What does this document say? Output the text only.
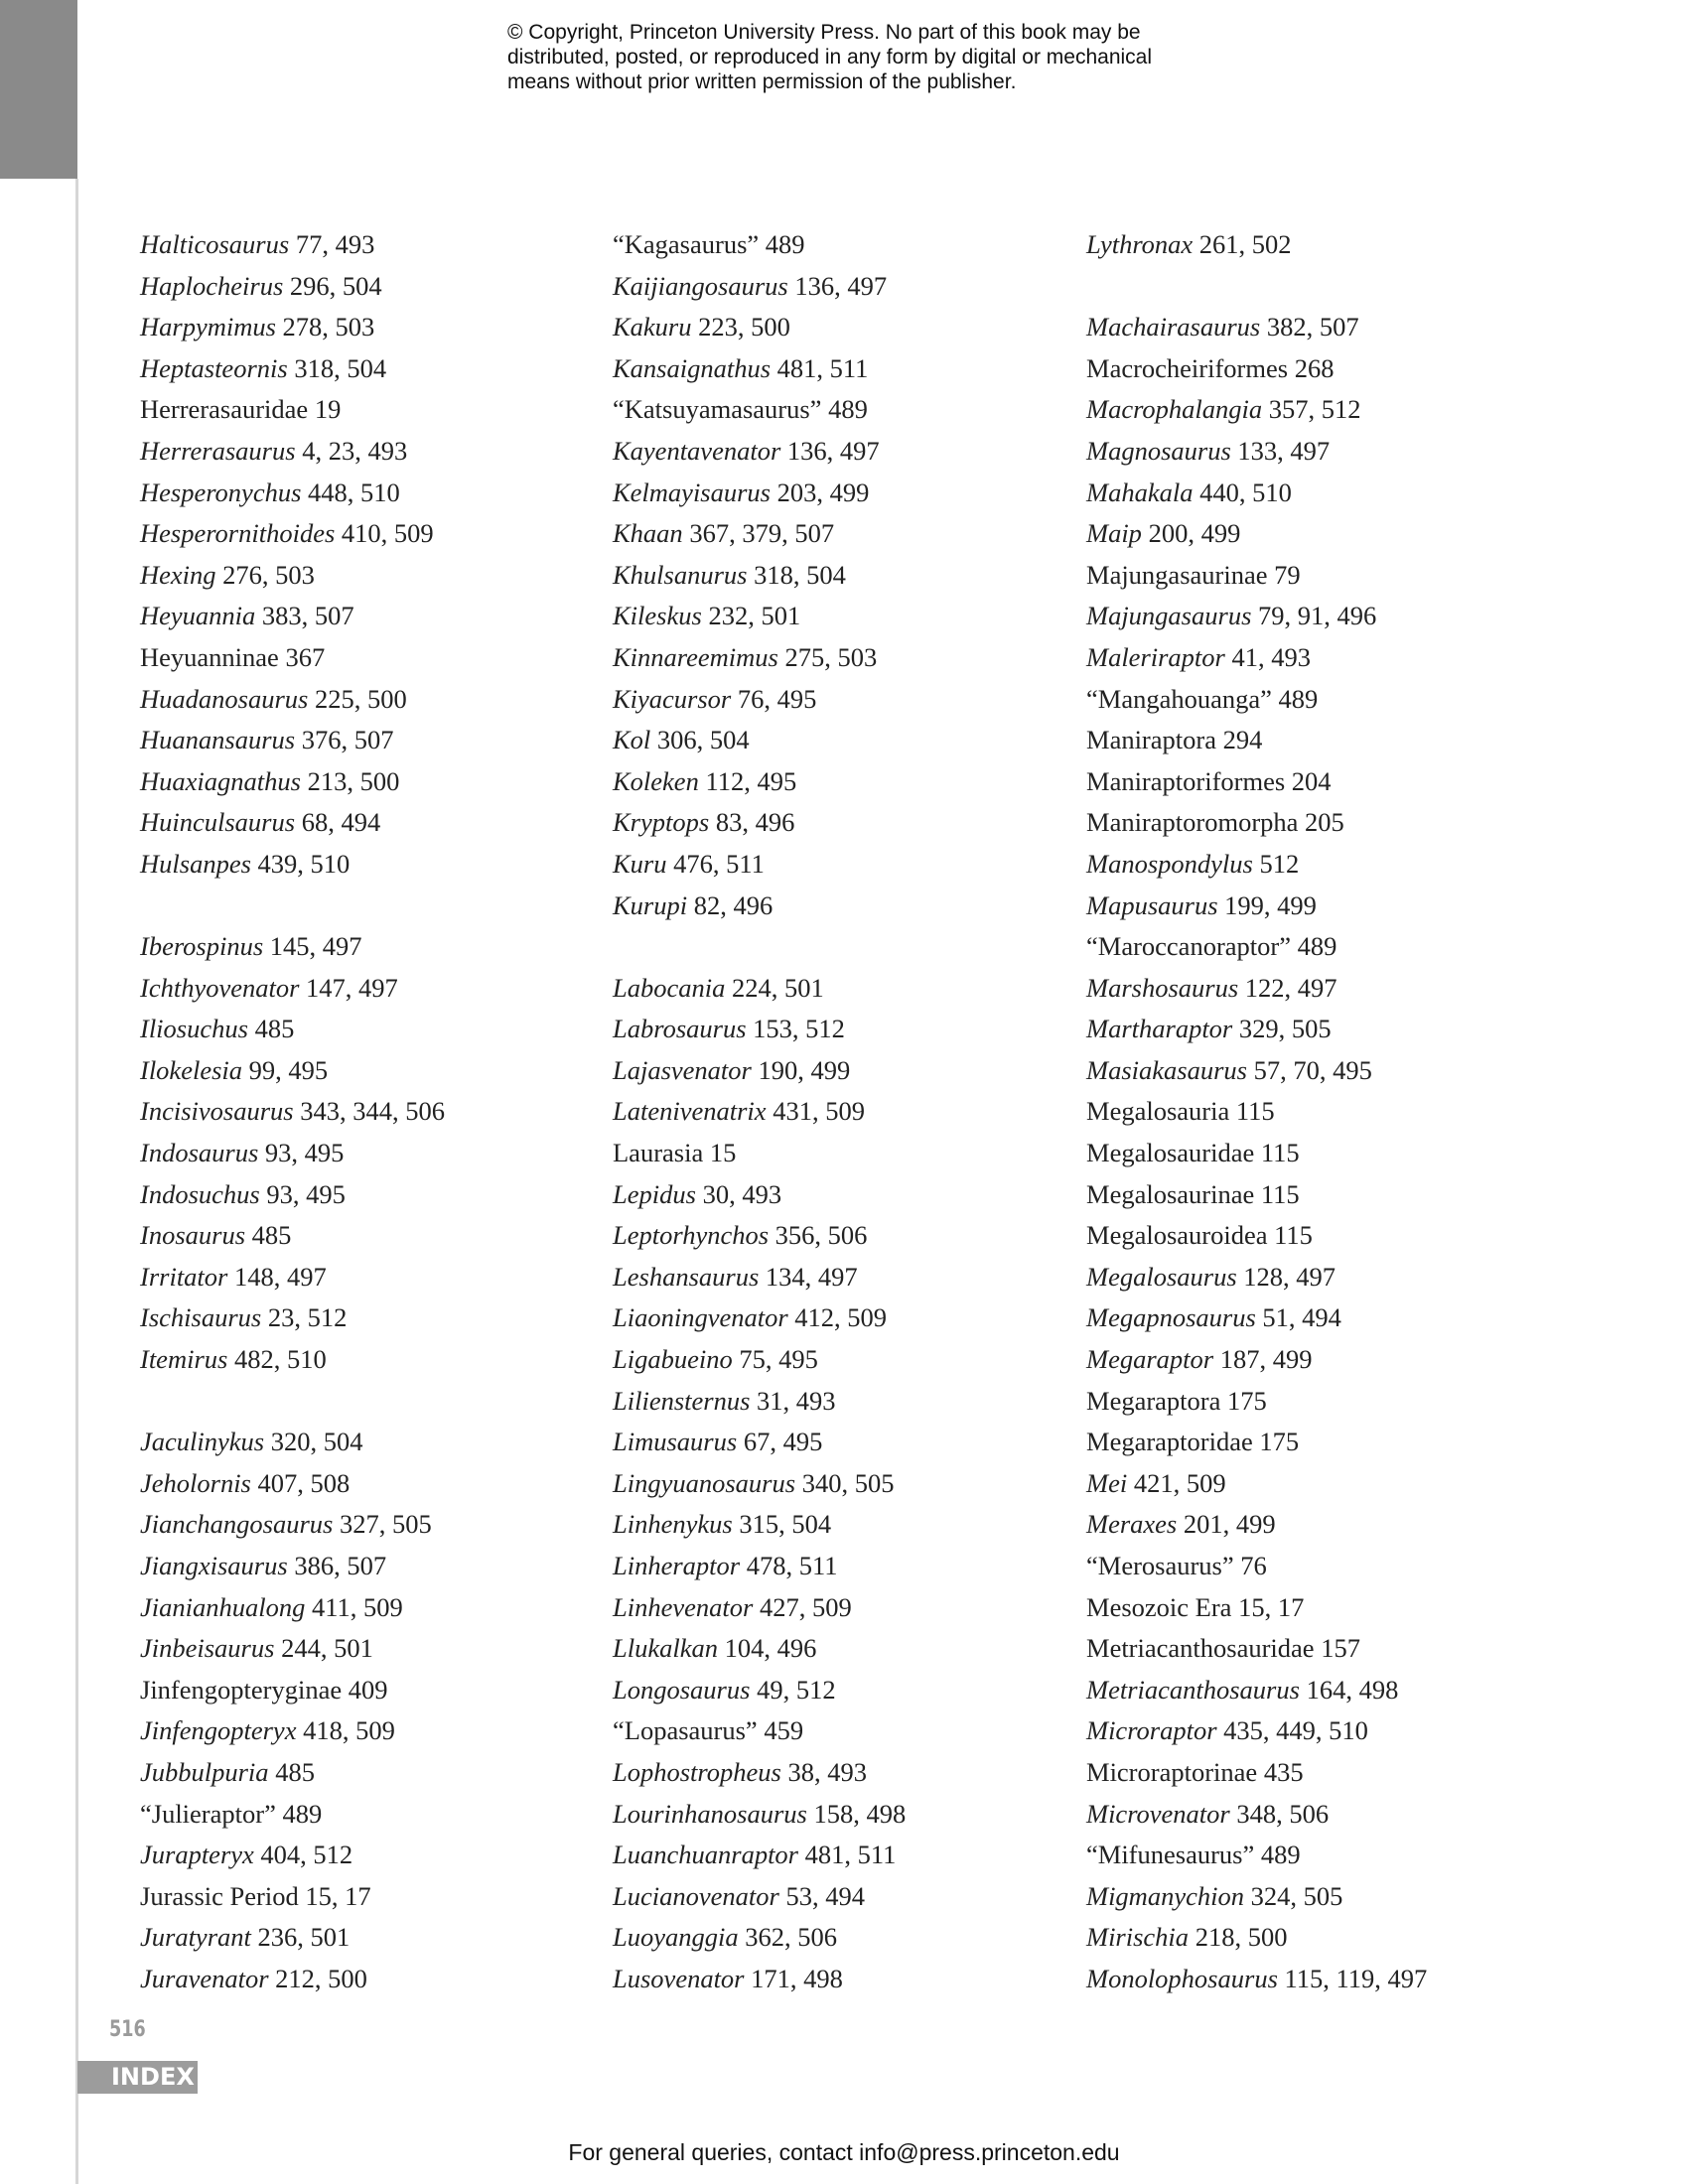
© Copyright, Princeton University Press. No part of this book may be
distributed, posted, or reproduced in any form by digital or mechanical
means without prior written permission of the publisher.
Halticosaurus 77, 493
Haplocheirus 296, 504
Harpymimus 278, 503
Heptasteornis 318, 504
Herrerasauridae 19
Herrerasaurus 4, 23, 493
Hesperonychus 448, 510
Hesperornithoides 410, 509
Hexing 276, 503
Heyuannia 383, 507
Heyuanninae 367
Huadanosaurus 225, 500
Huanansaurus 376, 507
Huaxiagnathus 213, 500
Huinculsaurus 68, 494
Hulsanpes 439, 510
Iberospinus 145, 497
Ichthyovenator 147, 497
Iliosuchus 485
Ilokelesia 99, 495
Incisivosaurus 343, 344, 506
Indosaurus 93, 495
Indosuchus 93, 495
Inosaurus 485
Irritator 148, 497
Ischisaurus 23, 512
Itemirus 482, 510
Jaculinykus 320, 504
Jeholornis 407, 508
Jianchangosaurus 327, 505
Jiangxisaurus 386, 507
Jianianhualong 411, 509
Jinbeisaurus 244, 501
Jinfengopteryginae 409
Jinfengopteryx 418, 509
Jubbulpuria 485
“Julieraptor” 489
Jurapteryx 404, 512
Jurassic Period 15, 17
Juratyrant 236, 501
Juravenator 212, 500
“Kagasaurus” 489
Kaijiangosaurus 136, 497
Kakuru 223, 500
Kansaignathus 481, 511
“Katsuyamasaurus” 489
Kayentavenator 136, 497
Kelmayisaurus 203, 499
Khaan 367, 379, 507
Khulsanurus 318, 504
Kileskus 232, 501
Kinnareemimus 275, 503
Kiyacursor 76, 495
Kol 306, 504
Koleken 112, 495
Kryptops 83, 496
Kuru 476, 511
Kurupi 82, 496
Labocania 224, 501
Labrosaurus 153, 512
Lajasvenator 190, 499
Latenivenatrix 431, 509
Laurasia 15
Lepidus 30, 493
Leptorhynchos 356, 506
Leshansaurus 134, 497
Liaoningvenator 412, 509
Ligabueino 75, 495
Liliensternus 31, 493
Limusaurus 67, 495
Lingyuanosaurus 340, 505
Linhenykus 315, 504
Linheraptor 478, 511
Linhevenator 427, 509
Llukalkan 104, 496
Longosaurus 49, 512
“Lopasaurus” 459
Lophostropheus 38, 493
Lourinhanosaurus 158, 498
Luanchuanraptor 481, 511
Lucianovenator 53, 494
Luoyanggia 362, 506
Lusovenator 171, 498
Lythronax 261, 502
Machairasaurus 382, 507
Macrocheiriformes 268
Macrophalangia 357, 512
Magnosaurus 133, 497
Mahakala 440, 510
Maip 200, 499
Majungasaurinae 79
Majungasaurus 79, 91, 496
Maleriraptor 41, 493
“Mangahouanga” 489
Maniraptora 294
Maniraptoriformes 204
Maniraptoromorpha 205
Manospondylus 512
Mapusaurus 199, 499
“Maroccanoraptor” 489
Marshosaurus 122, 497
Martharaptor 329, 505
Masiakasaurus 57, 70, 495
Megalosauria 115
Megalosauridae 115
Megalosaurinae 115
Megalosauroidea 115
Megalosaurus 128, 497
Megapnosaurus 51, 494
Megaraptor 187, 499
Megaraptora 175
Megaraptoridae 175
Mei 421, 509
Meraxes 201, 499
“Merosaurus” 76
Mesozoic Era 15, 17
Metriacanthosauridae 157
Metriacanthosaurus 164, 498
Microraptor 435, 449, 510
Microraptorinae 435
Microvenator 348, 506
“Mifunesaurus” 489
Migmanychion 324, 505
Mirischia 218, 500
Monolophosaurus 115, 119, 497
516
INDEX
For general queries, contact info@press.princeton.edu
